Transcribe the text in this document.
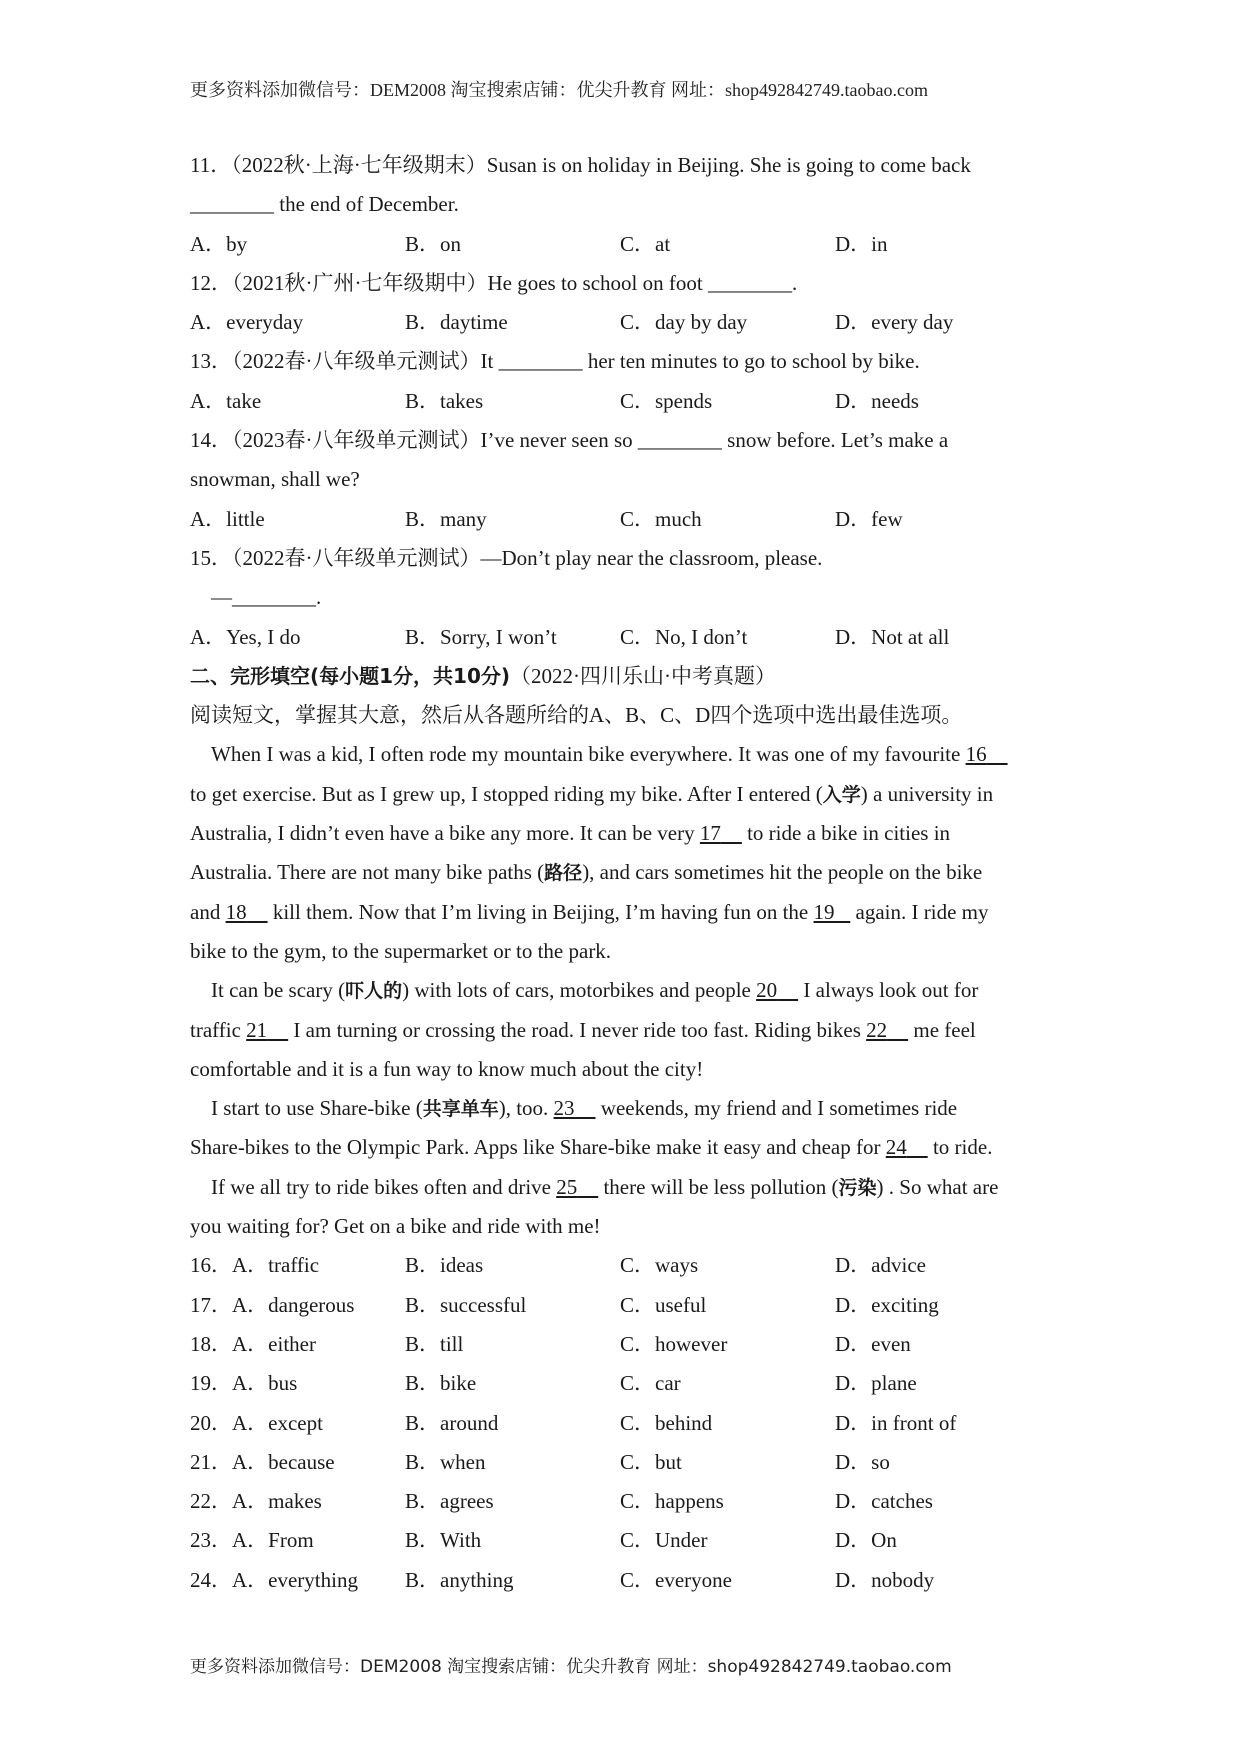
更多资料添加微信号：DEM2008 淘宝搜索店铺：优尖升教育 网址：shop492842749.taobao.com
11．（2022秋·上海·七年级期末）Susan is on holiday in Beijing. She is going to come back
________ the end of December.
A．by	B．on	C．at	D．in
12．（2021秋·广州·七年级期中）He goes to school on foot ________.
A．everyday	B．daytime	C．day by day	D．every day
13．（2022春·八年级单元测试）It ________ her ten minutes to go to school by bike.
A．take	B．takes	C．spends	D．needs
14．（2023春·八年级单元测试）I’ve never seen so ________ snow before. Let’s make a
snowman, shall we?
A．little	B．many	C．much	D．few
15．（2022春·八年级单元测试）—Don’t play near the classroom, please.
—________.
A．Yes, I do	B．Sorry, I won’t	C．No, I don’t	D．Not at all
二、完形填空(每小题1分，共10分)（2022·四川乐山·中考真题）
阅读短文，掌握其大意，然后从各题所给的A、B、C、D四个选项中选出最佳选项。
When I was a kid, I often rode my mountain bike everywhere. It was one of my favourite 16
to get exercise. But as I grew up, I stopped riding my bike. After I entered (入学) a university in
Australia, I didn’t even have a bike any more. It can be very 17     to ride a bike in cities in
Australia. There are not many bike paths (路径), and cars sometimes hit the people on the bike
and 18     kill them. Now that I’m living in Beijing, I’m having fun on the 19    again. I ride my
bike to the gym, to the supermarket or to the park.
It can be scary (吓人的) with lots of cars, motorbikes and people 20     I always look out for
traffic 21     I am turning or crossing the road. I never ride too fast. Riding bikes 22     me feel
comfortable and it is a fun way to know much about the city!
I start to use Share-bike (共享单车), too. 23     weekends, my friend and I sometimes ride
Share-bikes to the Olympic Park. Apps like Share-bike make it easy and cheap for 24     to ride.
If we all try to ride bikes often and drive 25     there will be less pollution (污染) . So what are
you waiting for? Get on a bike and ride with me!
16．A．traffic	B．ideas	C．ways	D．advice
17．A．dangerous	B．successful	C．useful	D．exciting
18．A．either	B．till	C．however	D．even
19．A．bus	B．bike	C．car	D．plane
20．A．except	B．around	C．behind	D．in front of
21．A．because	B．when	C．but	D．so
22．A．makes	B．agrees	C．happens	D．catches
23．A．From	B．With	C．Under	D．On
24．A．everything	B．anything	C．everyone	D．nobody
更多资料添加微信号：DEM2008 淘宝搜索店铺：优尖升教育 网址：shop492842749.taobao.com
